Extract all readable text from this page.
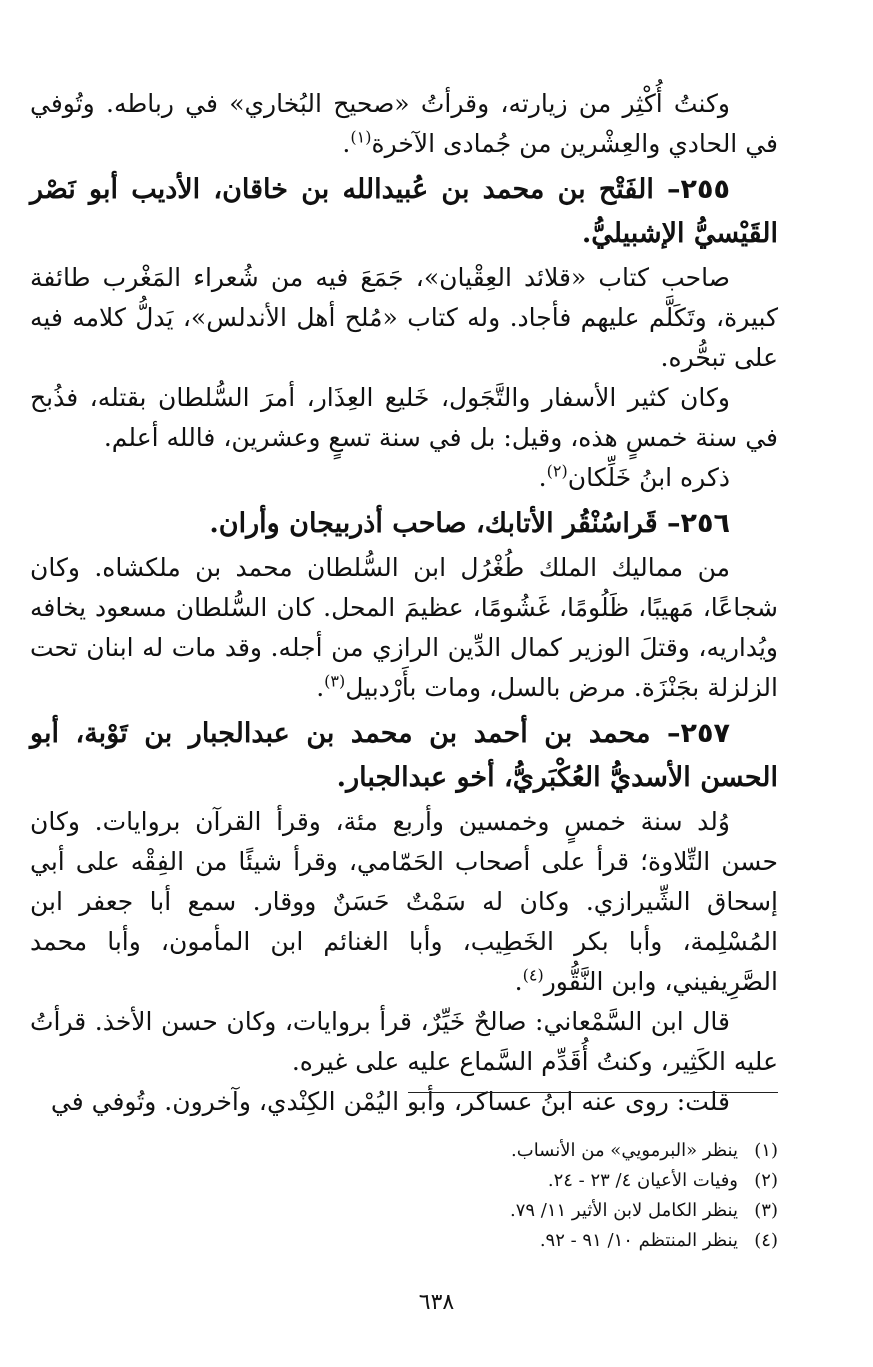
وكنتُ أُكْثِر من زيارته، وقرأتُ «صحيح البُخاري» في رباطه. وتُوفي في الحادي والعِشْرين من جُمادى الآخرة$^{(١)}$.

٢٥٥– الفَتْح بن محمد بن عُبيدالله بن خاقان، الأديب أبو نَصْر القَيْسيُّ الإشبيليُّ.

صاحب كتاب «قلائد العِقْيان»، جَمَعَ فيه من شُعراء المَغْرب طائفة كبيرة، وتَكَلَّم عليهم فأجاد. وله كتاب «مُلح أهل الأندلس»، يَدلُّ كلامه فيه على تبحُّره.

وكان كثير الأسفار والتَّجَول، خَليع العِذَار، أمرَ السُّلطان بقتله، فذُبح في سنة خمسٍ هذه، وقيل: بل في سنة تسعٍ وعشرين، فالله أعلم.

ذكره ابنُ خَلِّكان$^{(٢)}$.

٢٥٦– قَراسُنْقُر الأتابك، صاحب أذربيجان وأران.

من مماليك الملك طُغْرُل ابن السُّلطان محمد بن ملكشاه. وكان شجاعًا، مَهيبًا، ظَلُومًا، غَشُومًا، عظيمَ المحل. كان السُّلطان مسعود يخافه ويُداريه، وقتلَ الوزير كمال الدِّين الرازي من أجله. وقد مات له ابنان تحت الزلزلة بجَنْزَة. مرض بالسل، ومات بأَرْدبيل$^{(٣)}$.

٢٥٧– محمد بن أحمد بن محمد بن عبدالجبار بن تَوْبة، أبو الحسن الأسديُّ العُكْبَريُّ، أخو عبدالجبار.

وُلد سنة خمسٍ وخمسين وأربع مئة، وقرأ القرآن بروايات. وكان حسن التِّلاوة؛ قرأ على أصحاب الحَمّامي، وقرأ شيئًا من الفِقْه على أبي إسحاق الشِّيرازي. وكان له سَمْتٌ حَسَنٌ ووقار. سمع أبا جعفر ابن المُسْلِمة، وأبا بكر الخَطِيب، وأبا الغنائم ابن المأمون، وأبا محمد الصَّرِيفيني، وابن النَّقُّور$^{(٤)}$.

قال ابن السَّمْعاني: صالحٌ خَيِّرٌ، قرأ بروايات، وكان حسن الأخذ. قرأتُ عليه الكَثِير، وكنتُ أُقَدِّم السَّماع عليه على غيره.

قلت: روى عنه ابنُ عساكر، وأبو اليُمْن الكِنْدي، وآخرون. وتُوفي في

(١)
ينظر «البرمويي» من الأنساب.
(٢)
وفيات الأعيان ٤/ ٢٣ - ٢٤.
(٣)
ينظر الكامل لابن الأثير ١١/ ٧٩.
(٤)
ينظر المنتظم ١٠/ ٩١ - ٩٢.
٦٣٨
